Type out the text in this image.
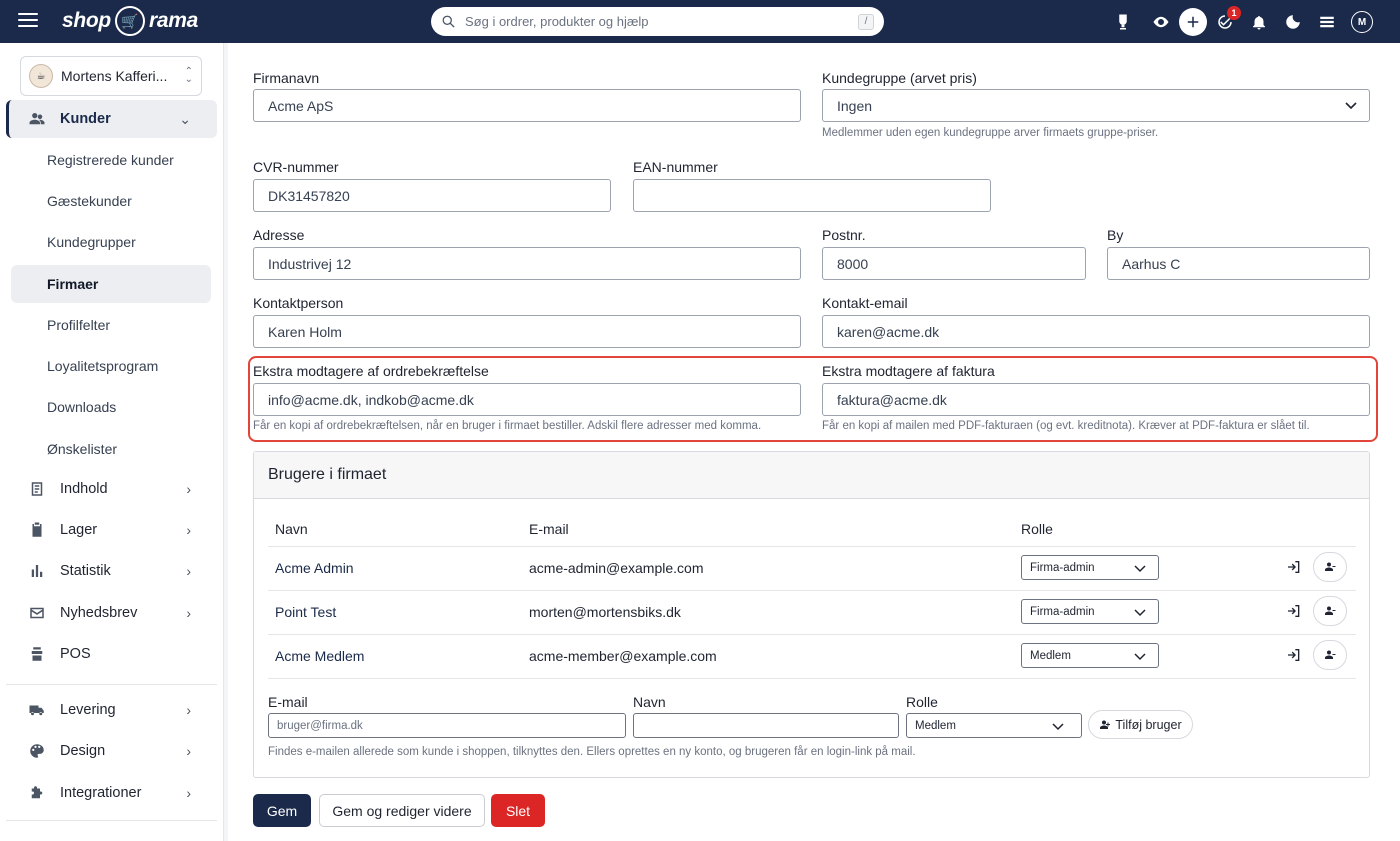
shop 🛒 rama
Søg i ordrer, produkter og hjælp	/
1
M
☕	Mortens Kafferi...	⌃
⌄
Kunder	⌄
Registrerede kunder
Gæstekunder
Kundegrupper
Firmaer
Profilfelter
Loyalitetsprogram
Downloads
Ønskelister
Indhold	›
Lager	›
Statistik	›
Nyhedsbrev	›
POS
Levering	›
Design	›
Integrationer	›
Firmanavn
Acme ApS
Kundegruppe (arvet pris)
Ingen
Medlemmer uden egen kundegruppe arver firmaets gruppe-priser.
CVR-nummer
DK31457820
EAN-nummer
Adresse
Industrivej 12
Postnr.
8000
By
Aarhus C
Kontaktperson
Karen Holm
Kontakt-email
karen@acme.dk
Ekstra modtagere af ordrebekræftelse
info@acme.dk, indkob@acme.dk
Får en kopi af ordrebekræftelsen, når en bruger i firmaet bestiller. Adskil flere adresser med komma.
Ekstra modtagere af faktura
faktura@acme.dk
Får en kopi af mailen med PDF-fakturaen (og evt. kreditnota). Kræver at PDF-faktura er slået til.
Brugere i firmaet
Navn	E-mail	Rolle
Acme Admin	acme-admin@example.com	Firma-admin
Point Test	morten@mortensbiks.dk	Firma-admin
Acme Medlem	acme-member@example.com	Medlem
E-mail
bruger@firma.dk	Navn	Rolle
Medlem	Tilføj bruger
Findes e-mailen allerede som kunde i shoppen, tilknyttes den. Ellers oprettes en ny konto, og brugeren får en login-link på mail.
Gem	Gem og rediger videre	Slet
